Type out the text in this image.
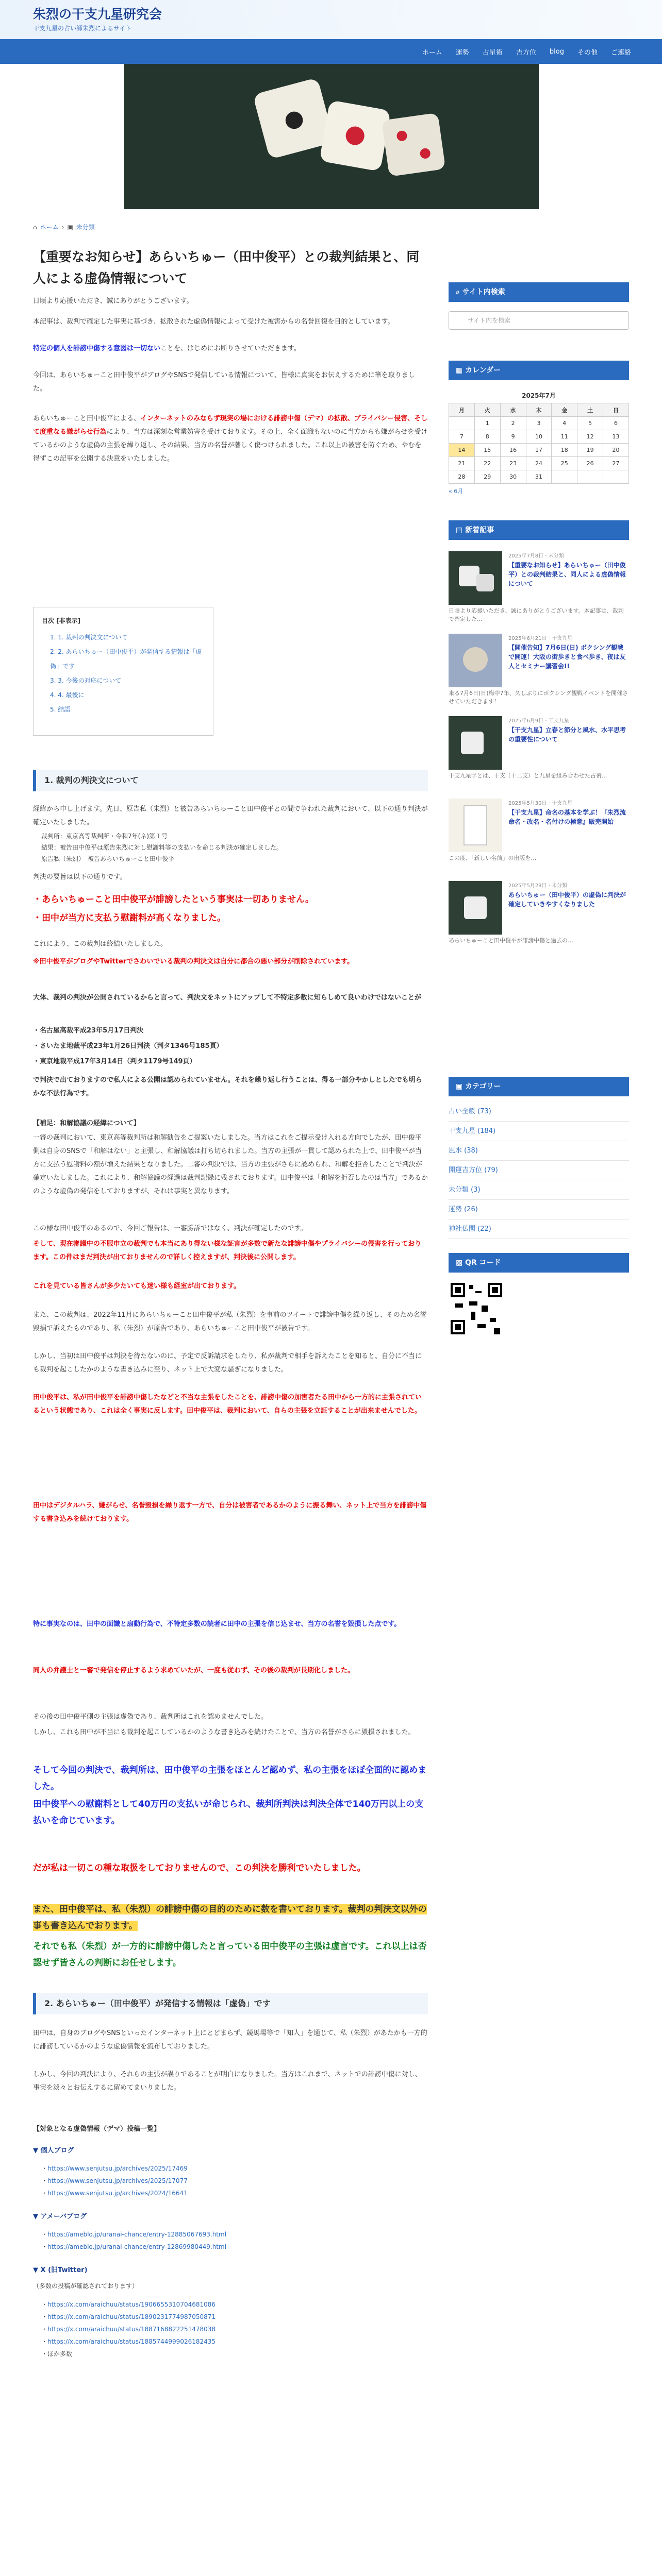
朱烈の干支九星研究会
干支九星の占い師朱烈によるサイト
ホーム 運勢 占星術 吉方位 blog その他 ご連絡
●
⌂ ホーム › ▣ 未分類
【重要なお知らせ】あらいちゅー（田中俊平）との裁判結果と、同人による虚偽情報について
日頃より応援いただき、誠にありがとうございます。
本記事は、裁判で確定した事実に基づき、拡散された虚偽情報によって受けた被害からの名誉回復を目的としています。
特定の個人を誹謗中傷する意図は一切ないことを、はじめにお断りさせていただきます。
今回は、あらいちゅーこと田中俊平がブログやSNSで発信している情報について、皆様に真実をお伝えするために筆を取りました。
あらいちゅーこと田中俊平による、インターネットのみならず現実の場における誹謗中傷（デマ）の拡散、プライバシー侵害、そして度重なる嫌がらせ行為により、当方は深刻な営業妨害を受けております。その上、全く面識もないのに当方からも嫌がらせを受けているかのような虚偽の主張を繰り返し、その結果、当方の名誉が著しく傷つけられました。これ以上の被害を防ぐため、やむを得ずこの記事を公開する決意をいたしました。
目次 [非表示]
1. 1. 裁判の判決文について
2. 2. あらいちゅー（田中俊平）が発信する情報は「虚偽」です
3. 3. 今後の対応について
4. 4. 最後に
5. 結語
1. 裁判の判決文について
経緯から申し上げます。先日、原告私（朱烈）と被告あらいちゅーこと田中俊平との間で争われた裁判において、以下の通り判決が確定いたしました。
裁判所：東京高等裁判所・令和7年(ネ)第１号
結果：被告田中俊平は原告朱烈に対し慰謝料等の支払いを命じる判決が確定しました。
原告私（朱烈）　被告あらいちゅーこと田中俊平
判決の要旨は以下の通りです。
・あらいちゅーこと田中俊平が誹謗したという事実は一切ありません。
・田中が当方に支払う慰謝料が高くなりました。
これにより、この裁判は終結いたしました。
※田中俊平がブログやTwitterでさわいでいる裁判の判決文は自分に都合の悪い部分が削除されています。
大体、裁判の判決が公開されているからと言って、判決文をネットにアップして不特定多数に知らしめて良いわけではないことが
・名古屋高裁平成23年5月17日判決
・さいたま地裁平成23年1月26日判決（判タ1346号185頁）
・東京地裁平成17年3月14日（判タ1179号149頁）
で判決で出ておりますので私人による公開は認められていません。それを繰り返し行うことは、得る一部分やかしとしたでも明らかな不法行為です。
【補足：和解協議の経緯について】
一審の裁判において、東京高等裁判所は和解勧告をご提案いたしました。当方はこれをご提示受け入れる方向でしたが、田中俊平側は自身のSNSで「和解はない」と主張し、和解協議は打ち切られました。当方の主張が一貫して認められた上で、田中俊平が当方に支払う慰謝料の額が増えた結果となりました。二審の判決では、当方の主張がさらに認められ、和解を拒否したことで判決が確定いたしました。これにより、和解協議の経過は裁判記録に残されております。田中俊平は「和解を拒否したのは当方」であるかのような虚偽の発信をしておりますが、それは事実と異なります。
この様な田中俊平のあるので、今回ご報告は、一審勝訴ではなく、判決が確定したのです。
そして、現在審議中の不服申立の裁判でも本当にあり得ない様な証言が多数で新たな誹謗中傷やプライバシーの侵害を行っております。この件はまだ判決が出ておりませんので詳しく控えますが、判決後に公開します。
これを見ている皆さんが多少たいても迷い様も経室が出ております。
また、この裁判は、2022年11月にあらいちゅーこと田中俊平が私（朱烈）を事前のツイートで誹謗中傷を繰り返し、そのため名誉毀損で訴えたものであり、私（朱烈）が原告であり、あらいちゅーこと田中俊平が被告です。
しかし、当初は田中俊平は判決を待たないのに、予定で反訴請求をしたり、私が裁判で相手を訴えたことを知ると、自分に不当にも裁判を起こしたかのような書き込みに至り、ネット上で大変な騒ぎになりました。
田中俊平は、私が田中俊平を誹謗中傷したなどと不当な主張をしたことを、誹謗中傷の加害者たる田中から一方的に主張されているという状態であり、これは全く事実に反します。田中俊平は、裁判において、自らの主張を立証することが出来ませんでした。
田中はデジタルハラ、嫌がらせ、名誉毀損を繰り返す一方で、自分は被害者であるかのように振る舞い、ネット上で当方を誹謗中傷する書き込みを続けております。
特に事実なのは、田中の面識と扇動行為で、不特定多数の読者に田中の主張を信じ込ませ、当方の名誉を毀損した点です。
同人の弁護士と一審で発信を停止するよう求めていたが、一度も従わず、その後の裁判が長期化しました。
その後の田中俊平側の主張は虚偽であり、裁判所はこれを認めませんでした。
しかし、これも田中が不当にも裁判を起こしているかのような書き込みを続けたことで、当方の名誉がさらに毀損されました。
そして今回の判決で、裁判所は、田中俊平の主張をほとんど認めず、私の主張をほぼ全面的に認めました。
田中俊平への慰謝料として40万円の支払いが命じられ、裁判所判決は判決全体で140万円以上の支払いを命じています。
だが私は一切この種な取扱をしておりませんので、この判決を勝利でいたしました。
また、田中俊平は、私（朱烈）の誹謗中傷の目的のために数を書いております。裁判の判決文以外の事も書き込んでおります。
それでも私（朱烈）が一方的に誹謗中傷したと言っている田中俊平の主張は虚言です。これ以上は否認せず皆さんの判断にお任せします。
2. あらいちゅー（田中俊平）が発信する情報は「虚偽」です
田中は、自身のブログやSNSといったインターネット上にとどまらず、競馬場等で「知人」を通じて、私（朱烈）があたかも一方的に誹謗しているかのような虚偽情報を流布しておりました。
しかし、今回の判決により、それらの主張が誤りであることが明白になりました。当方はこれまで、ネットでの誹謗中傷に対し、事実を淡々とお伝えするに留めてまいりました。
【対象となる虚偽情報（デマ）投稿一覧】
▼ 個人ブログ
・https://www.senjutsu.jp/archives/2025/17469
・https://www.senjutsu.jp/archives/2025/17077
・https://www.senjutsu.jp/archives/2024/16641
▼ アメーバブログ
・https://ameblo.jp/uranai-chance/entry-12885067693.html
・https://ameblo.jp/uranai-chance/entry-12869980449.html
▼ X (旧Twitter)
（多数の投稿が確認されております）
・https://x.com/araichuu/status/1906655310704681086
・https://x.com/araichuu/status/1890231774987050871
・https://x.com/araichuu/status/1887168822251478038
・https://x.com/araichuu/status/1885744999026182435
・ほか多数
⌕ サイト内検索
サイト内を検索
▦ カレンダー
2025年7月
月	火	水	木	金	土	日
	1	2	3	4	5	6
7	8	9	10	11	12	13
14	15	16	17	18	19	20
21	22	23	24	25	26	27
28	29	30	31			
« 6月
▤ 新着記事
2025年7月8日 · 未分類
【重要なお知らせ】あらいちゅー（田中俊平）との裁判結果と、同人による虚偽情報について
日頃より応援いただき、誠にありがとうございます。本記事は、裁判で確定した...
2025年6月21日 · 干支九星
【開催告知】7月6日(日) ボクシング観戦で開運！大阪の街歩きと食べ歩き、夜は友人とセミナー講習会!!
来る7月6日(日)梅中7年、久しぶりにボクシング観戦イベントを開催させていただきます！
2025年6月9日 · 干支九星
【干支九星】立春と節分と風水、水平思考の重要性について
干支九星学とは、干支（十二支）と九星を組み合わせた占術...
2025年5月30日 · 干支九星
【干支九星】命名の基本を学ぶ！『朱烈流 命名・改名・名付けの極意』販売開始
この度、「新しい名前」の出版を…
2025年5月28日 · 未分類
あらいちゅー（田中俊平）の虚偽に判決が確定していきやすくなりました
あらいちゅーこと田中俊平が誹謗中傷と過去の…
▣ カテゴリー
占い全般 (73)
干支九星 (184)
風水 (38)
開運吉方位 (79)
未分類 (3)
運勢 (26)
神社仏閣 (22)
▩ QR コード
